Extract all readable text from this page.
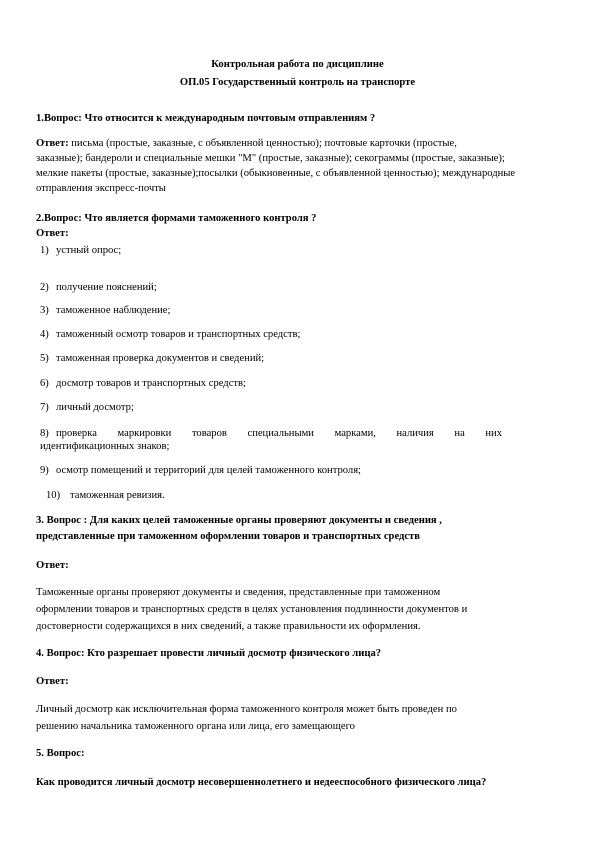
Контрольная работа по дисциплине
ОП.05 Государственный контроль на транспорте
1.Вопрос: Что относится к международным почтовым отправлениям ?
Ответ: письма (простые, заказные, с объявленной ценностью); почтовые карточки (простые,
заказные); бандероли и специальные мешки "М" (простые, заказные); секограммы (простые, заказные);
мелкие пакеты (простые, заказные);посылки (обыкновенные, с объявленной ценностью); международные
отправления экспресс-почты
2.Вопрос: Что является формами таможенного контроля ?
Ответ:
1) устный опрос;
2) получение пояснений;
3) таможенное наблюдение;
4) таможенный осмотр товаров и транспортных средств;
5) таможенная проверка документов и сведений;
6) досмотр товаров и транспортных средств;
7) личный досмотр;
8) проверка маркировки товаров специальными марками, наличия на них
идентификационных знаков;
9) осмотр помещений и территорий для целей таможенного контроля;
10) таможенная ревизия.
3. Вопрос : Для каких целей таможенные органы проверяют документы и сведения ,
представленные при таможенном оформлении товаров и транспортных средств
Ответ:
Таможенные органы проверяют документы и сведения, представленные при таможенном
оформлении товаров и транспортных средств в целях установления подлинности документов и
достоверности содержащихся в них сведений, а также правильности их оформления.
4. Вопрос: Кто разрешает провести личный досмотр физического лица?
Ответ:
Личный досмотр как исключительная форма таможенного контроля может быть проведен по
решению начальника таможенного органа или лица, его замещающего
5. Вопрос:
Как проводится личный досмотр несовершеннолетнего и недееспособного физического лица?
